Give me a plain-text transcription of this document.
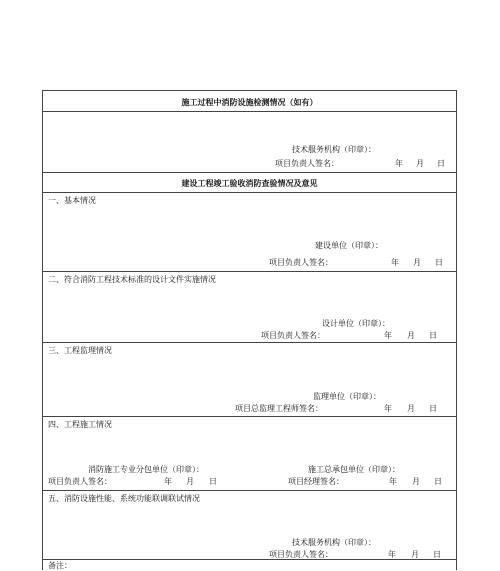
施工过程中消防设施检测情况（如有）
技术服务机构（印章）：
项目负责人签名：	年 月 日
建设工程竣工验收消防查验情况及意见
一、基本情况
建设单位（印章）：
项目负责人签名：	年 月 日
二、符合消防工程技术标准的设计文件实施情况
设计单位（印章）：
项目负责人签名：	年 月 日
三、工程监理情况
监理单位（印章）：
项目总监理工程师签名：	年 月 日
四、工程施工情况
消防施工专业分包单位（印章）：
项目负责人签名：	年 月 日
施工总承包单位（印章）：
项目经理签名：	年 月 日
五、消防设施性能、系统功能联调联试情况
技术服务机构（印章）：
项目负责人签名：	年 月 日
备注：
